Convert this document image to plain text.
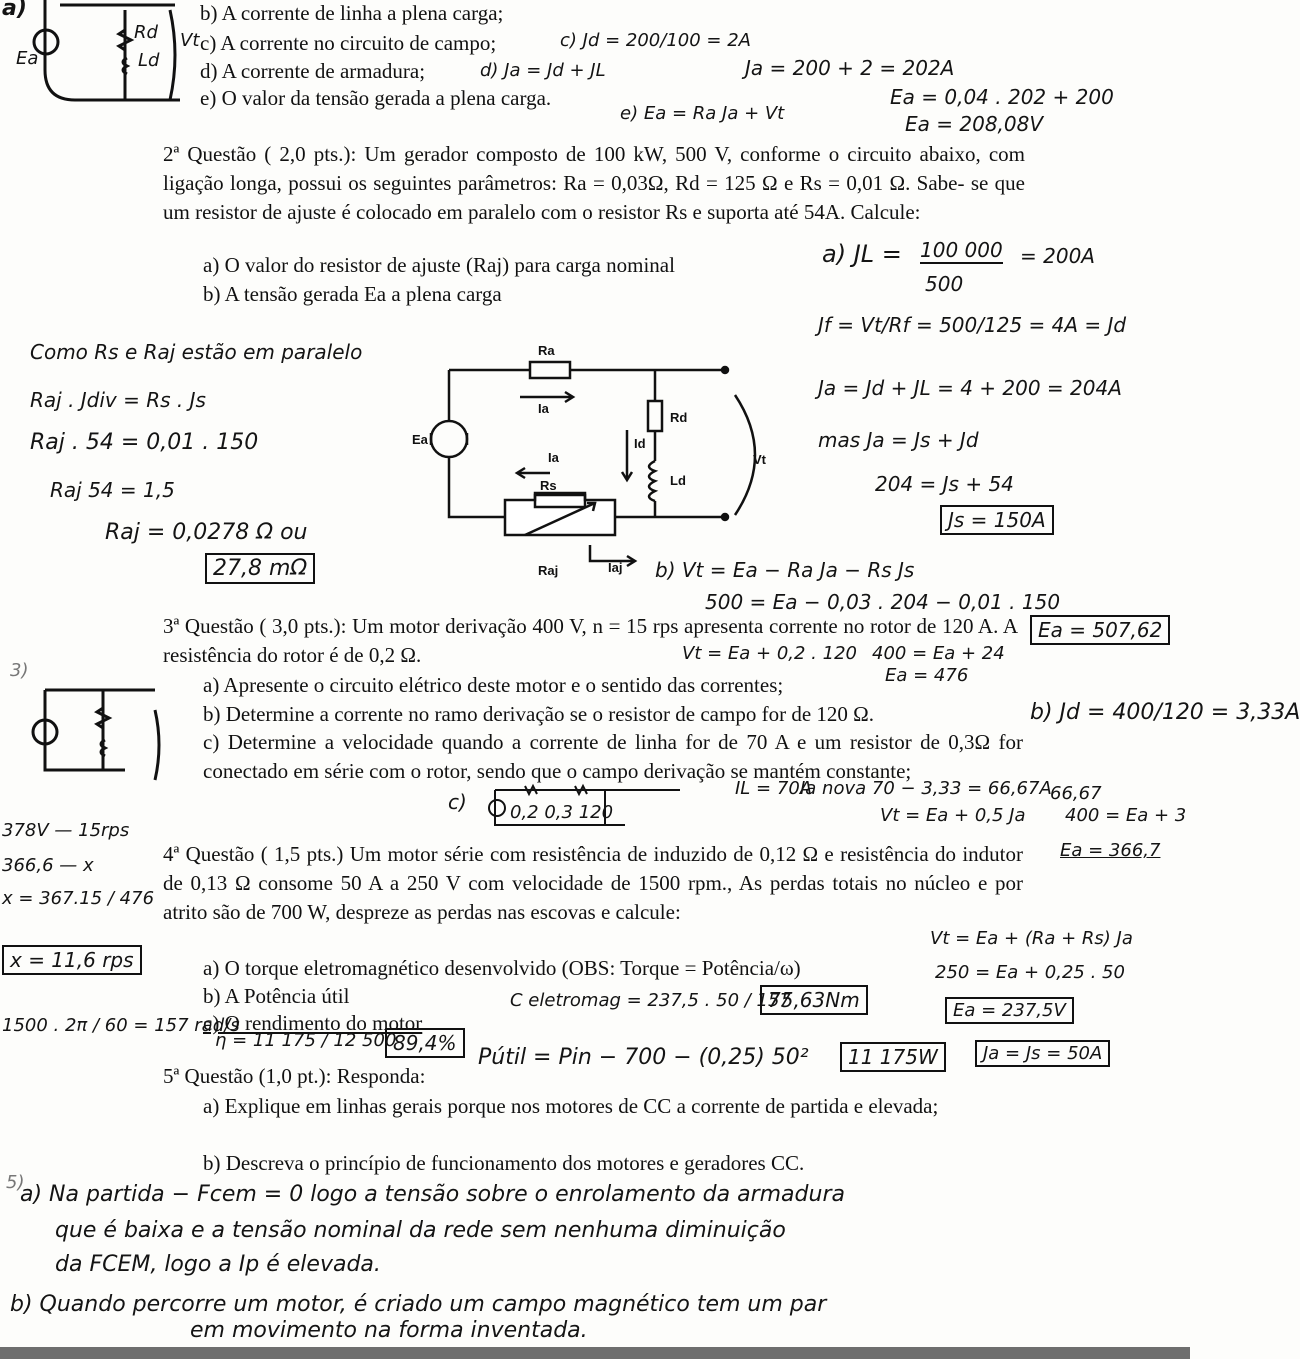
a)
Ea
Rd
Ld
Vt
b) A corrente de linha a plena carga;
c) A corrente no circuito de campo;
d) A corrente de armadura;
e) O valor da tensão gerada a plena carga.
c) Jd = 200/100 = 2A
d) Ja = Jd + JL	Ja = 200 + 2 = 202A
e) Ea = Ra Ja + Vt
Ea = 0,04 . 202 + 200
Ea = 208,08V
2ª Questão ( 2,0 pts.): Um gerador composto de 100 kW, 500 V, conforme o circuito abaixo, com ligação longa, possui os seguintes parâmetros: Ra = 0,03Ω, Rd = 125 Ω e Rs = 0,01 Ω. Sabe- se que um resistor de ajuste é colocado em paralelo com o resistor Rs e suporta até 54A. Calcule:
a) O valor do resistor de ajuste (Raj) para carga nominal
b) A tensão gerada Ea a plena carga
Ra
Ia
Ea
Rd
Id
Ld
Ia
Rs
Vt
Raj	Iaj
Como Rs e Raj estão em paralelo
Raj . Jdiv = Rs . Js
Raj . 54 = 0,01 . 150
Raj 54 = 1,5
Raj = 0,0278 Ω ou
27,8 mΩ
a) JL = 100 000
500
= 200A
Jf = Vt/Rf = 500/125 = 4A = Jd
Ja = Jd + JL = 4 + 200 = 204A
mas Ja = Js + Jd
204 = Js + 54
Js = 150A
b) Vt = Ea − Ra Ja − Rs Js
500 = Ea − 0,03 . 204 − 0,01 . 150
Ea = 507,62
3ª Questão ( 3,0 pts.): Um motor derivação 400 V, n = 15 rps apresenta corrente no rotor de 120 A. A resistência do rotor é de 0,2 Ω.
a) Apresente o circuito elétrico deste motor e o sentido das correntes;
b) Determine a corrente no ramo derivação se o resistor de campo for de 120 Ω.
c) Determine a velocidade quando a corrente de linha for de 70 A e um resistor de 0,3Ω for conectado em série com o rotor, sendo que o campo derivação se mantém constante;
3)
Vt = Ea + 0,2 . 120 400 = Ea + 24
Ea = 476
b) Jd = 400/120 = 3,33A
c) 0,2 0,3 120
IL = 70A
Ia nova 70 − 3,33 = 66,67A
Vt = Ea + 0,5 Ja
66,67
400 = Ea + 3
Ea = 366,7
378V — 15rps
366,6 — x
x = 367.15 / 476
x = 11,6 rps
4ª Questão ( 1,5 pts.) Um motor série com resistência de induzido de 0,12 Ω e resistência do indutor de 0,13 Ω consome 50 A a 250 V com velocidade de 1500 rpm., As perdas totais no núcleo e por atrito são de 700 W, despreze as perdas nas escovas e calcule:
a) O torque eletromagnético desenvolvido (OBS: Torque = Potência/ω)
b) A Potência útil
c) O rendimento do motor
Vt = Ea + (Ra + Rs) Ja
250 = Ea + 0,25 . 50
Ea = 237,5V
Ja = Js = 50A
C eletromag = 237,5 . 50 / 157
75,63Nm
1500 . 2π / 60 = 157 rad/s
Pútil = Pin − 700 − (0,25) 50²	11 175W
η = 11 175 / 12 500
89,4%
5ª Questão (1,0 pt.): Responda:
a) Explique em linhas gerais porque nos motores de CC a corrente de partida e elevada;
b) Descreva o princípio de funcionamento dos motores e geradores CC.
5)
a) Na partida − Fcem = 0 logo a tensão sobre o enrolamento da armadura
que é baixa e a tensão nominal da rede sem nenhuma diminuição
da FCEM, logo a Ip é elevada.
b) Quando percorre um motor, é criado um campo magnético tem um par
em movimento na forma inventada.
